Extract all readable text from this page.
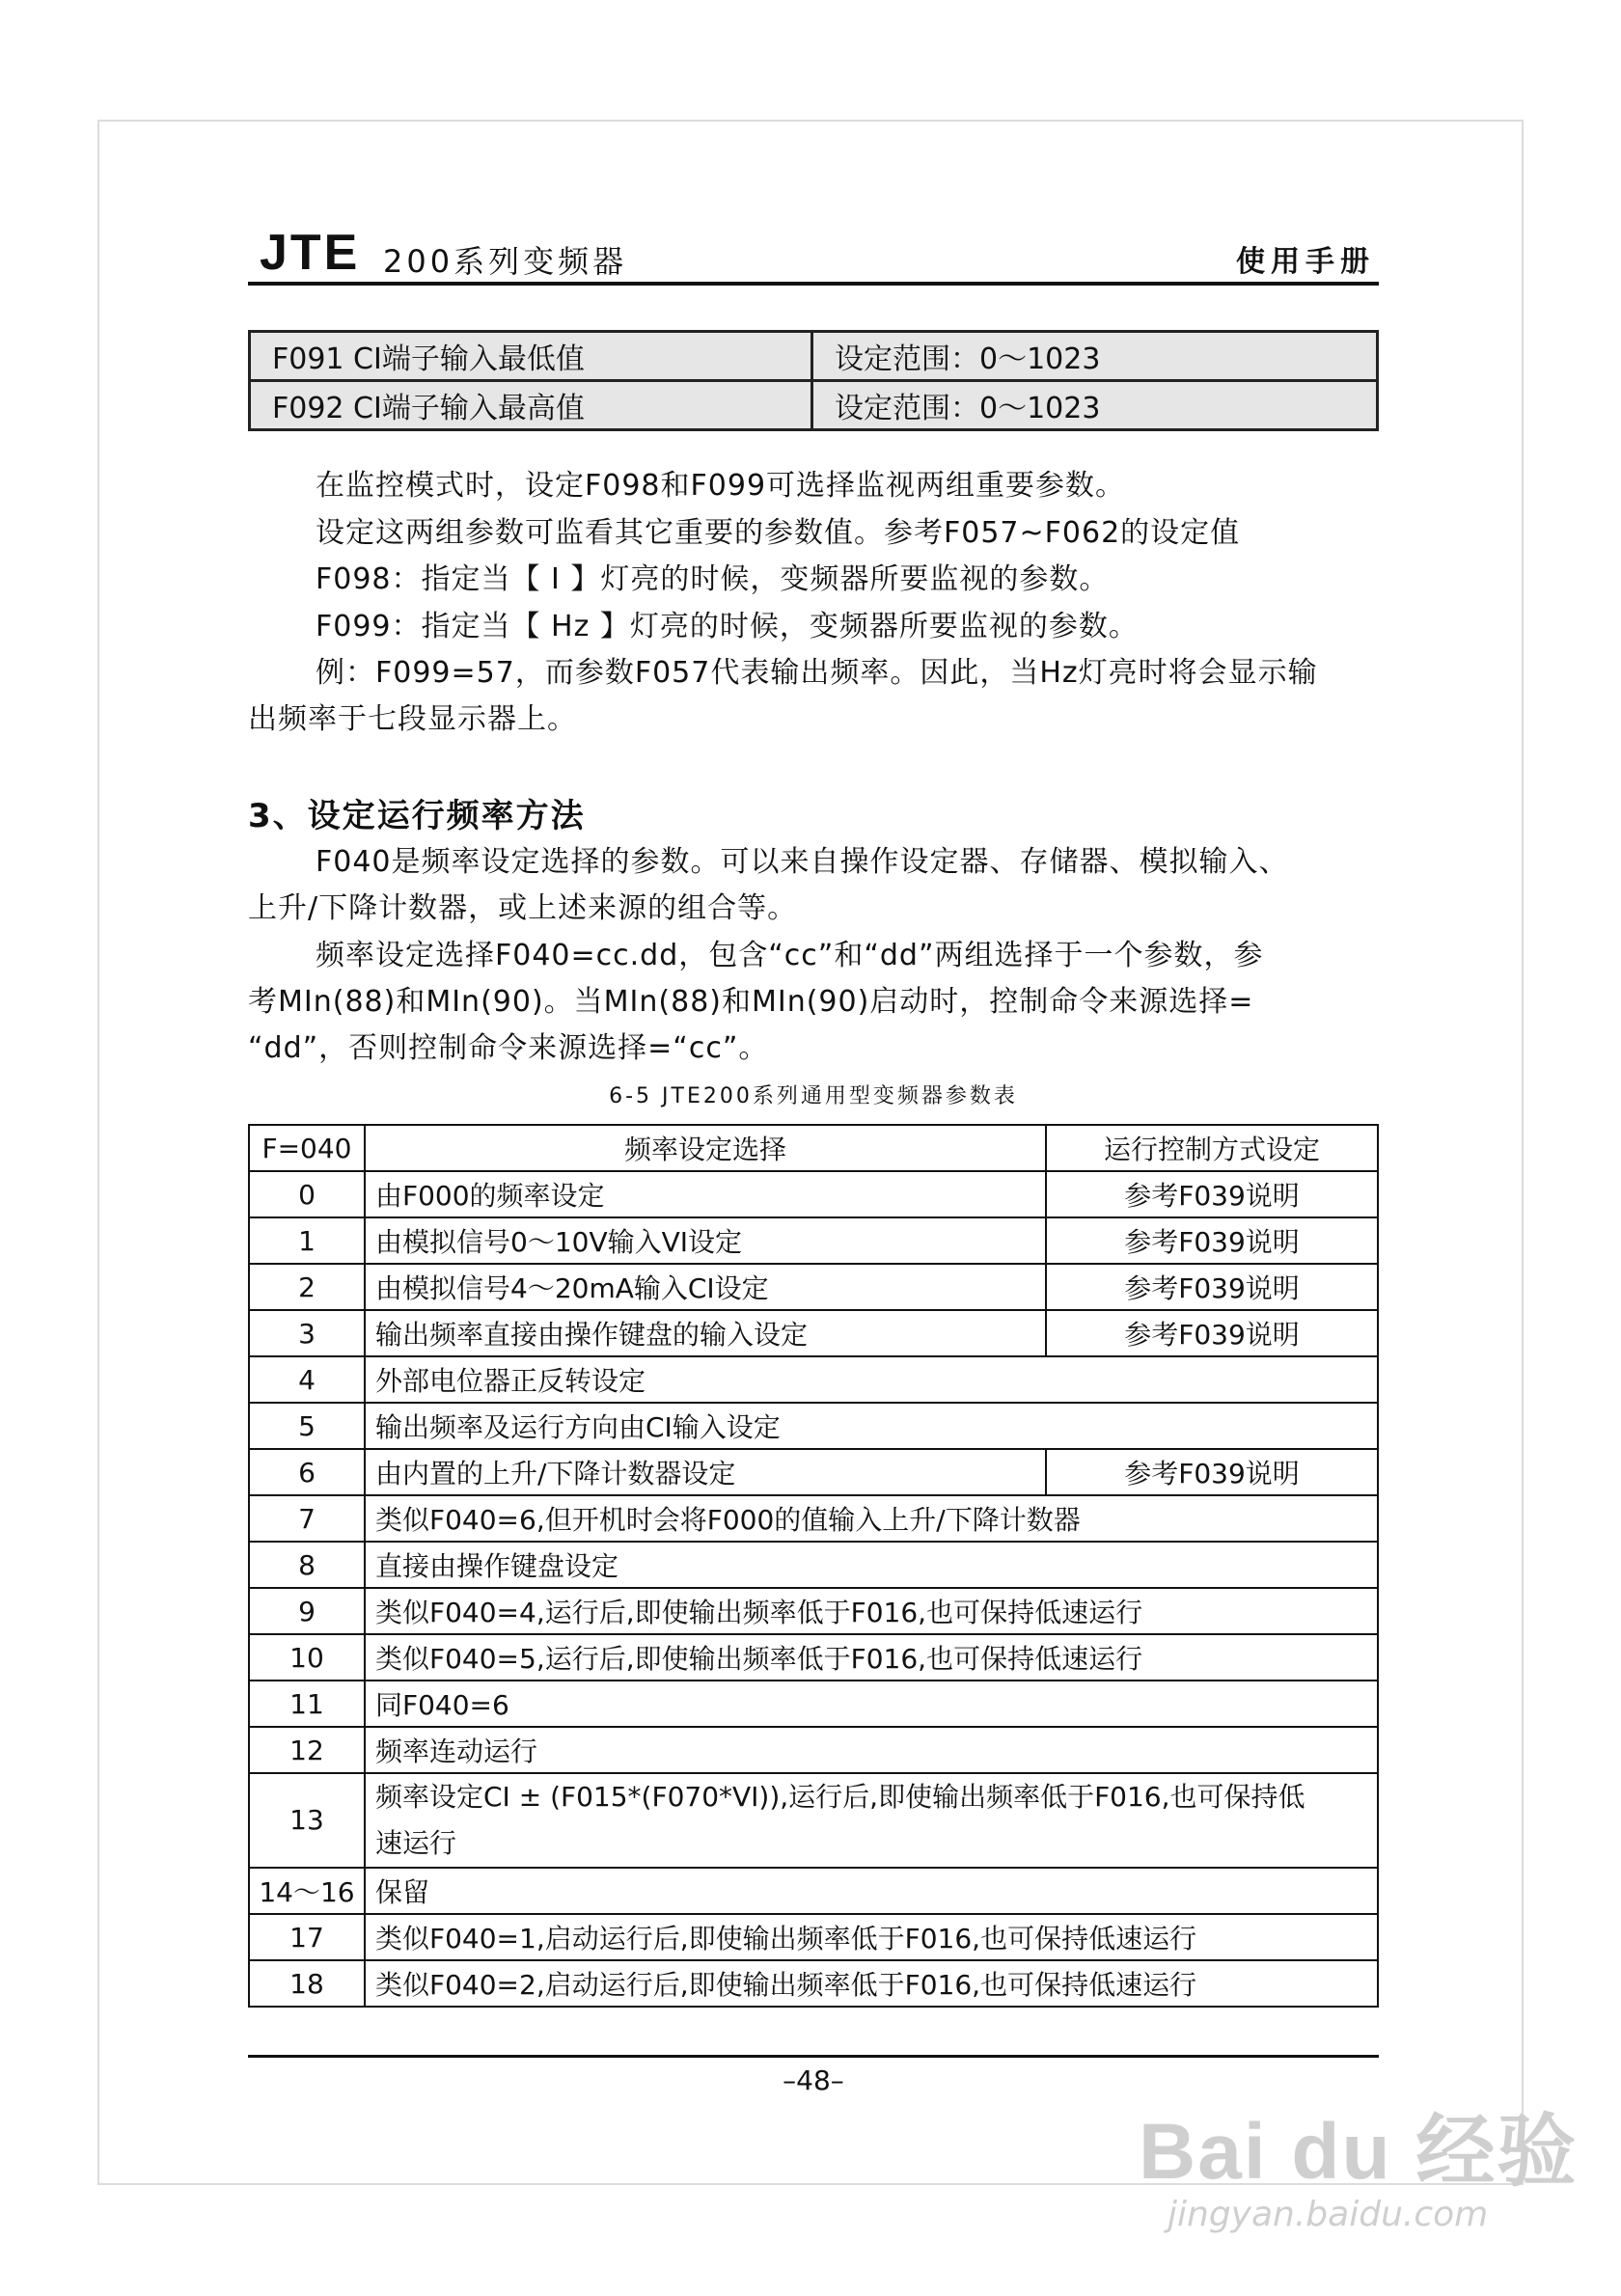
JTE 200系列变频器	使用手册
F091 CI端子输入最低值	设定范围：0～1023
F092 CI端子输入最高值	设定范围：0～1023
在监控模式时，设定F098和F099可选择监视两组重要参数。
设定这两组参数可监看其它重要的参数值。参考F057~F062的设定值
F098：指定当【 I 】灯亮的时候，变频器所要监视的参数。
F099：指定当【 Hz 】灯亮的时候，变频器所要监视的参数。
例：F099=57，而参数F057代表输出频率。因此，当Hz灯亮时将会显示输
出频率于七段显示器上。
3、设定运行频率方法
F040是频率设定选择的参数。可以来自操作设定器、存储器、模拟输入、
上升/下降计数器，或上述来源的组合等。
频率设定选择F040=cc.dd，包含“cc”和“dd”两组选择于一个参数，参
考MIn(88)和MIn(90)。当MIn(88)和MIn(90)启动时，控制命令来源选择=
“dd”，否则控制命令来源选择=“cc”。
6-5 JTE200系列通用型变频器参数表
F=040	频率设定选择	运行控制方式设定
0	由F000的频率设定	参考F039说明
1	由模拟信号0～10V输入VI设定	参考F039说明
2	由模拟信号4～20mA输入CI设定	参考F039说明
3	输出频率直接由操作键盘的输入设定	参考F039说明
4	外部电位器正反转设定	
5	输出频率及运行方向由CI输入设定	
6	由内置的上升/下降计数器设定	参考F039说明
7	类似F040=6,但开机时会将F000的值输入上升/下降计数器	
8	直接由操作键盘设定	
9	类似F040=4,运行后,即使输出频率低于F016,也可保持低速运行	
10	类似F040=5,运行后,即使输出频率低于F016,也可保持低速运行	
11	同F040=6	
12	频率连动运行	
13	频率设定CI ± (F015*(F070*VI)),运行后,即使输出频率低于F016,也可保持低
速运行	

14～16	保留	
17	类似F040=1,启动运行后,即使输出频率低于F016,也可保持低速运行	
18	类似F040=2,启动运行后,即使输出频率低于F016,也可保持低速运行	
–48–
Bai du 经验
jingyan.baidu.com
